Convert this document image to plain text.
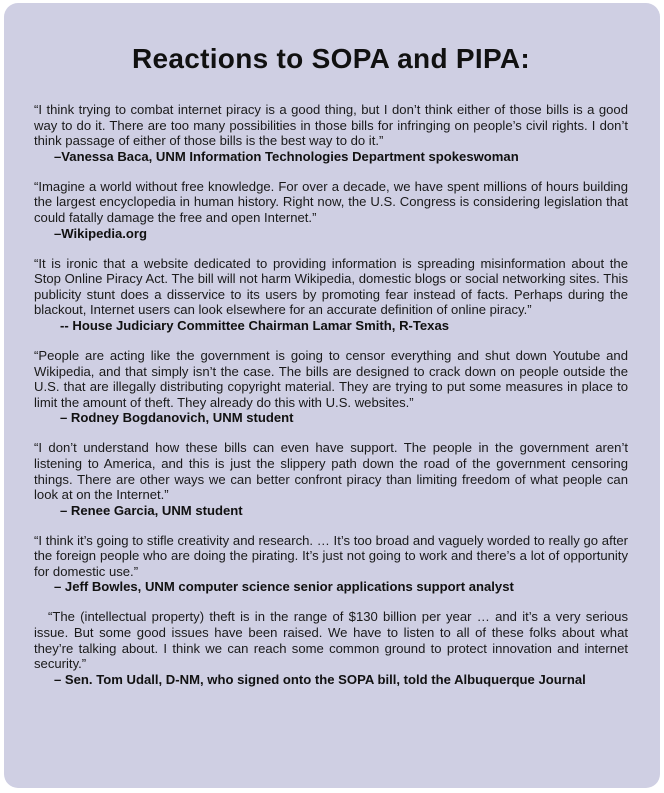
Reactions to SOPA and PIPA:

“I think trying to combat internet piracy is a good thing, but I don’t think either of those bills is a good way to do it. There are too many possibilities in those bills for infringing on people’s civil rights. I don’t think passage of either of those bills is the best way to do it.”

–Vanessa Baca, UNM Information Technologies Department spokeswoman

“Imagine a world without free knowledge. For over a decade, we have spent millions of hours building the largest encyclopedia in human history. Right now, the U.S. Congress is considering legislation that could fatally damage the free and open Internet.”

–Wikipedia.org

“It is ironic that a website dedicated to providing information is spreading misinformation about the Stop Online Piracy Act. The bill will not harm Wikipedia, domestic blogs or social networking sites. This publicity stunt does a disservice to its users by promoting fear instead of facts. Perhaps during the blackout, Internet users can look elsewhere for an accurate definition of online piracy.”

-- House Judiciary Committee Chairman Lamar Smith, R-Texas

“People are acting like the government is going to censor everything and shut down Youtube and Wikipedia, and that simply isn’t the case. The bills are designed to crack down on people outside the U.S. that are illegally distributing copyright material. They are trying to put some measures in place to limit the amount of theft. They already do this with U.S. websites.”

– Rodney Bogdanovich, UNM student

“I don’t understand how these bills can even have support. The people in the government aren’t listening to America, and this is just the slippery path down the road of the government censoring things. There are other ways we can better confront piracy than limiting freedom of what people can look at on the Internet.”

– Renee Garcia, UNM student

“I think it’s going to stifle creativity and research. … It’s too broad and vaguely worded to really go after the foreign people who are doing the pirating. It’s just not going to work and there’s a lot of opportunity for domestic use.”

– Jeff Bowles, UNM computer science senior applications support analyst

“The (intellectual property) theft is in the range of $130 billion per year … and it’s a very serious issue. But some good issues have been raised. We have to listen to all of these folks about what they’re talking about. I think we can reach some common ground to protect innovation and internet security.”

– Sen. Tom Udall, D-NM, who signed onto the SOPA bill, told the Albuquerque Journal
